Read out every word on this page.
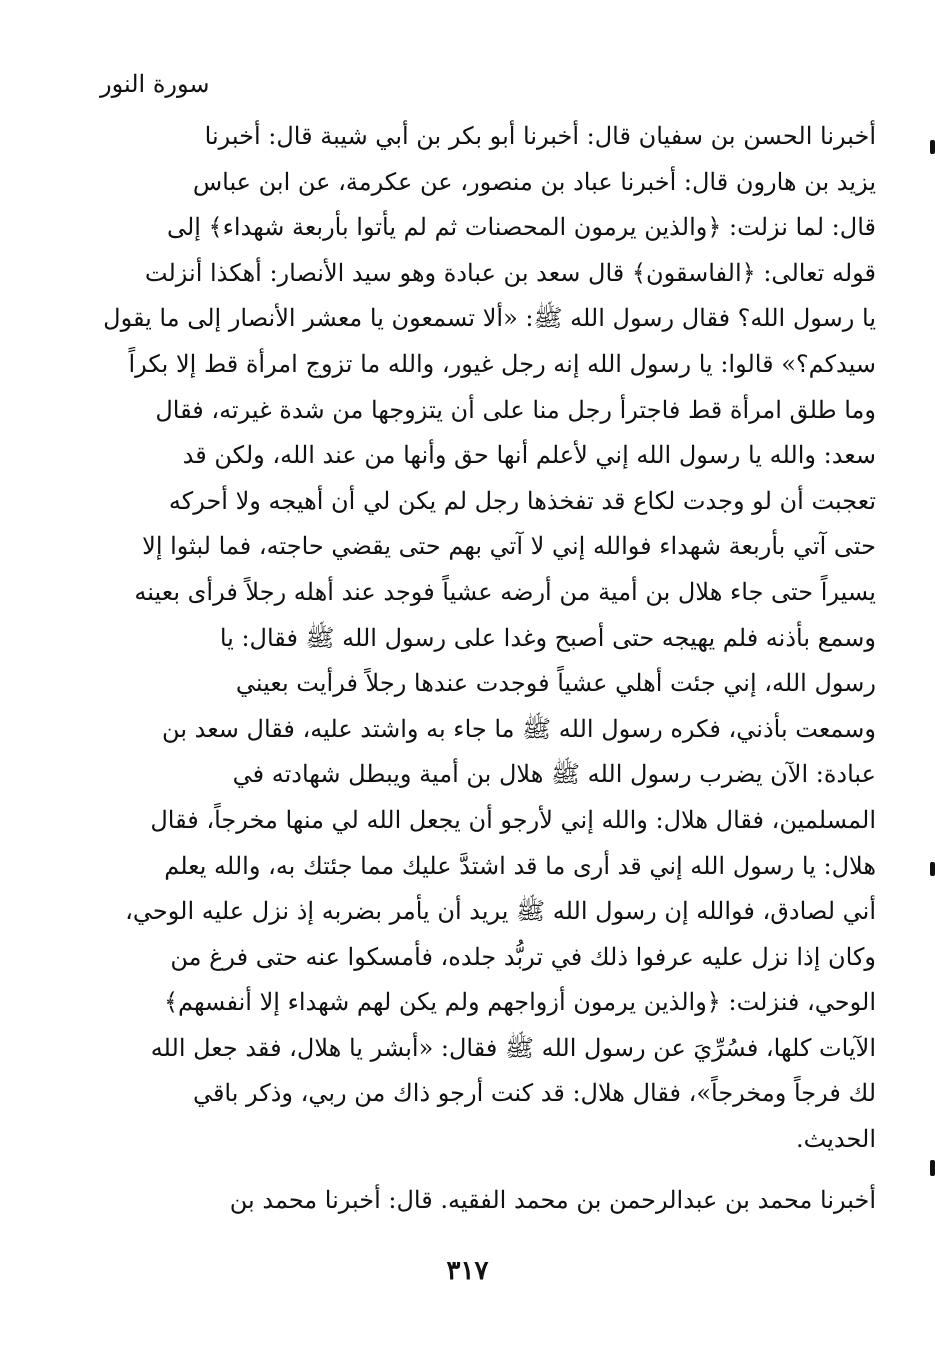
سورة النور
أخبرنا الحسن بن سفيان قال: أخبرنا أبو بكر بن أبي شيبة قال: أخبرنا
يزيد بن هارون قال: أخبرنا عباد بن منصور، عن عكرمة، عن ابن عباس
قال: لما نزلت: ﴿والذين يرمون المحصنات ثم لم يأتوا بأربعة شهداء﴾ إلى
قوله تعالى: ﴿الفاسقون﴾ قال سعد بن عبادة وهو سيد الأنصار: أهكذا أنزلت
يا رسول الله؟ فقال رسول الله ﷺ: «ألا تسمعون يا معشر الأنصار إلى ما يقول
سيدكم؟» قالوا: يا رسول الله إنه رجل غيور، والله ما تزوج امرأة قط إلا بكراً
وما طلق امرأة قط فاجترأ رجل منا على أن يتزوجها من شدة غيرته، فقال
سعد: والله يا رسول الله إني لأعلم أنها حق وأنها من عند الله، ولكن قد
تعجبت أن لو وجدت لكاع قد تفخذها رجل لم يكن لي أن أهيجه ولا أحركه
حتى آتي بأربعة شهداء فوالله إني لا آتي بهم حتى يقضي حاجته، فما لبثوا إلا
يسيراً حتى جاء هلال بن أمية من أرضه عشياً فوجد عند أهله رجلاً فرأى بعينه
وسمع بأذنه فلم يهيجه حتى أصبح وغدا على رسول الله ﷺ فقال: يا
رسول الله، إني جئت أهلي عشياً فوجدت عندها رجلاً فرأيت بعيني
وسمعت بأذني، فكره رسول الله ﷺ ما جاء به واشتد عليه، فقال سعد بن
عبادة: الآن يضرب رسول الله ﷺ هلال بن أمية ويبطل شهادته في
المسلمين، فقال هلال: والله إني لأرجو أن يجعل الله لي منها مخرجاً، فقال
هلال: يا رسول الله إني قد أرى ما قد اشتدَّ عليك مما جئتك به، والله يعلم
أني لصادق، فوالله إن رسول الله ﷺ يريد أن يأمر بضربه إذ نزل عليه الوحي،
وكان إذا نزل عليه عرفوا ذلك في تربُّد جلده، فأمسكوا عنه حتى فرغ من
الوحي، فنزلت: ﴿والذين يرمون أزواجهم ولم يكن لهم شهداء إلا أنفسهم﴾
الآيات كلها، فسُرِّيَ عن رسول الله ﷺ فقال: «أبشر يا هلال، فقد جعل الله
لك فرجاً ومخرجاً»، فقال هلال: قد كنت أرجو ذاك من ربي، وذكر باقي
الحديث.
أخبرنا محمد بن عبدالرحمن بن محمد الفقيه. قال: أخبرنا محمد بن
٣١٧
